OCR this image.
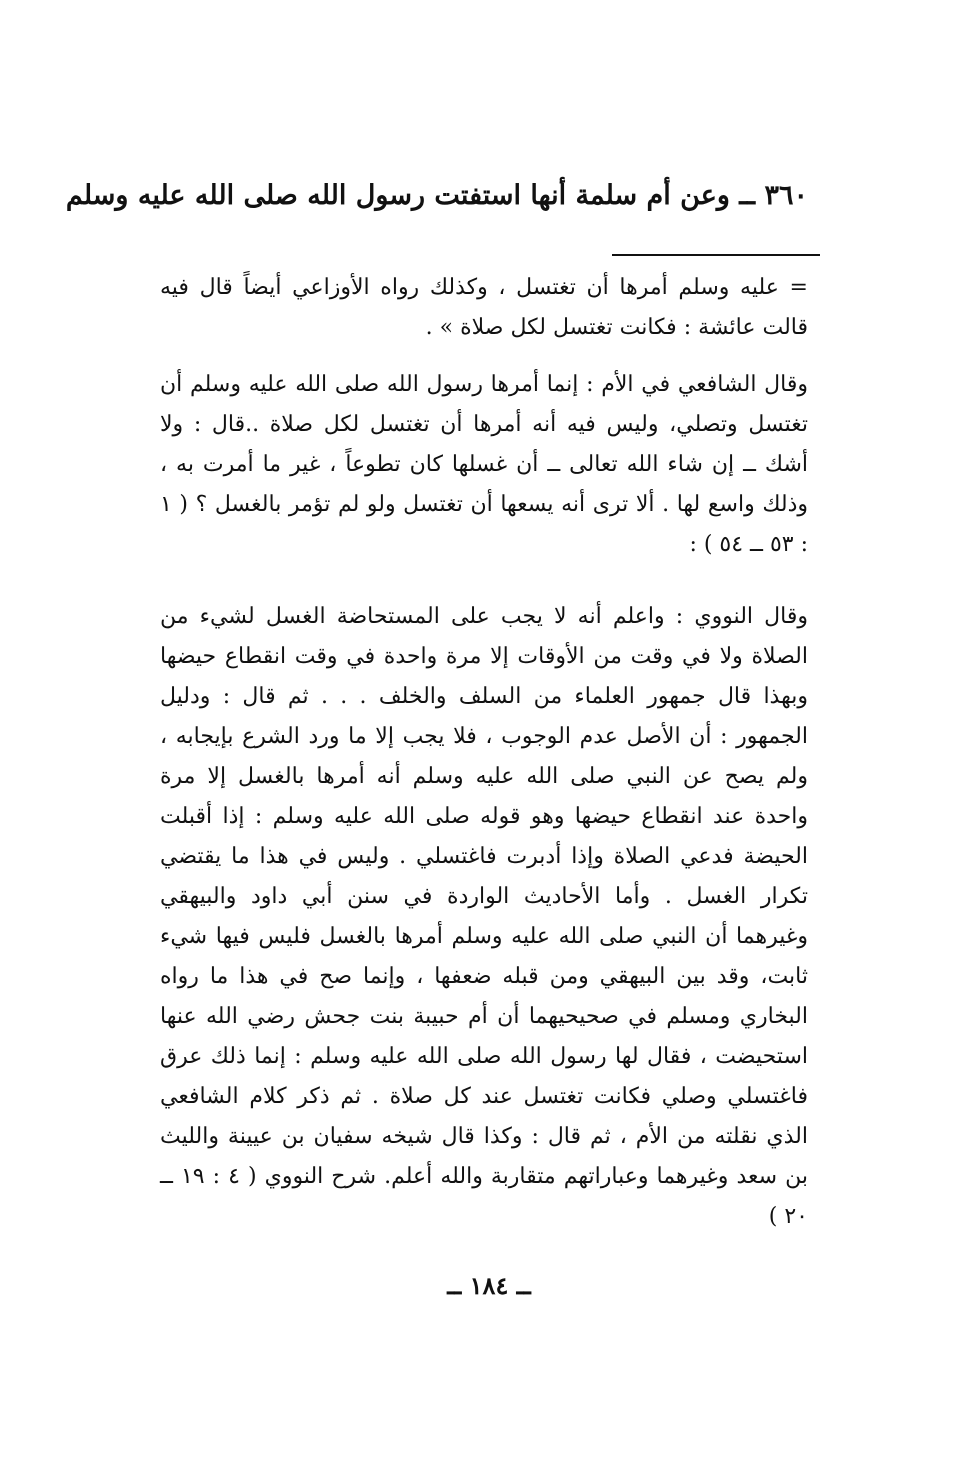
٣٦٠ ــ وعن أم سلمة أنها استفتت رسول الله صلى الله عليه وسلم

= عليه وسلم أمرها أن تغتسل ، وكذلك رواه الأوزاعي أيضاً قال فيه قالت عائشة : فكانت تغتسل لكل صلاة » .

وقال الشافعي في الأم : إنما أمرها رسول الله صلى الله عليه وسلم أن تغتسل وتصلي، وليس فيه أنه أمرها أن تغتسل لكل صلاة ..قال : ولا أشك ــ إن شاء الله تعالى ــ أن غسلها كان تطوعاً ، غير ما أمرت به ، وذلك واسع لها . ألا ترى أنه يسعها أن تغتسل ولو لم تؤمر بالغسل ؟ ( ١ : ٥٣ ــ ٥٤ ) :

وقال النووي : واعلم أنه لا يجب على المستحاضة الغسل لشيء من الصلاة ولا في وقت من الأوقات إلا مرة واحدة في وقت انقطاع حيضها وبهذا قال جمهور العلماء من السلف والخلف . . . ثم قال : ودليل الجمهور : أن الأصل عدم الوجوب ، فلا يجب إلا ما ورد الشرع بإيجابه ، ولم يصح عن النبي صلى الله عليه وسلم أنه أمرها بالغسل إلا مرة واحدة عند انقطاع حيضها وهو قوله صلى الله عليه وسلم : إذا أقبلت الحيضة فدعي الصلاة وإذا أدبرت فاغتسلي . وليس في هذا ما يقتضي تكرار الغسل . وأما الأحاديث الواردة في سنن أبي داود والبيهقي وغيرهما أن النبي صلى الله عليه وسلم أمرها بالغسل فليس فيها شيء ثابت، وقد بين البيهقي ومن قبله ضعفها ، وإنما صح في هذا ما رواه البخاري ومسلم في صحيحيهما أن أم حبيبة بنت جحش رضي الله عنها استحيضت ، فقال لها رسول الله صلى الله عليه وسلم : إنما ذلك عرق فاغتسلي وصلي فكانت تغتسل عند كل صلاة . ثم ذكر كلام الشافعي الذي نقلته من الأم ، ثم قال : وكذا قال شيخه سفيان بن عيينة والليث بن سعد وغيرهما وعباراتهم متقاربة والله أعلم. شرح النووي ( ٤ : ١٩ ــ ٢٠ )

ــ ١٨٤ ــ
